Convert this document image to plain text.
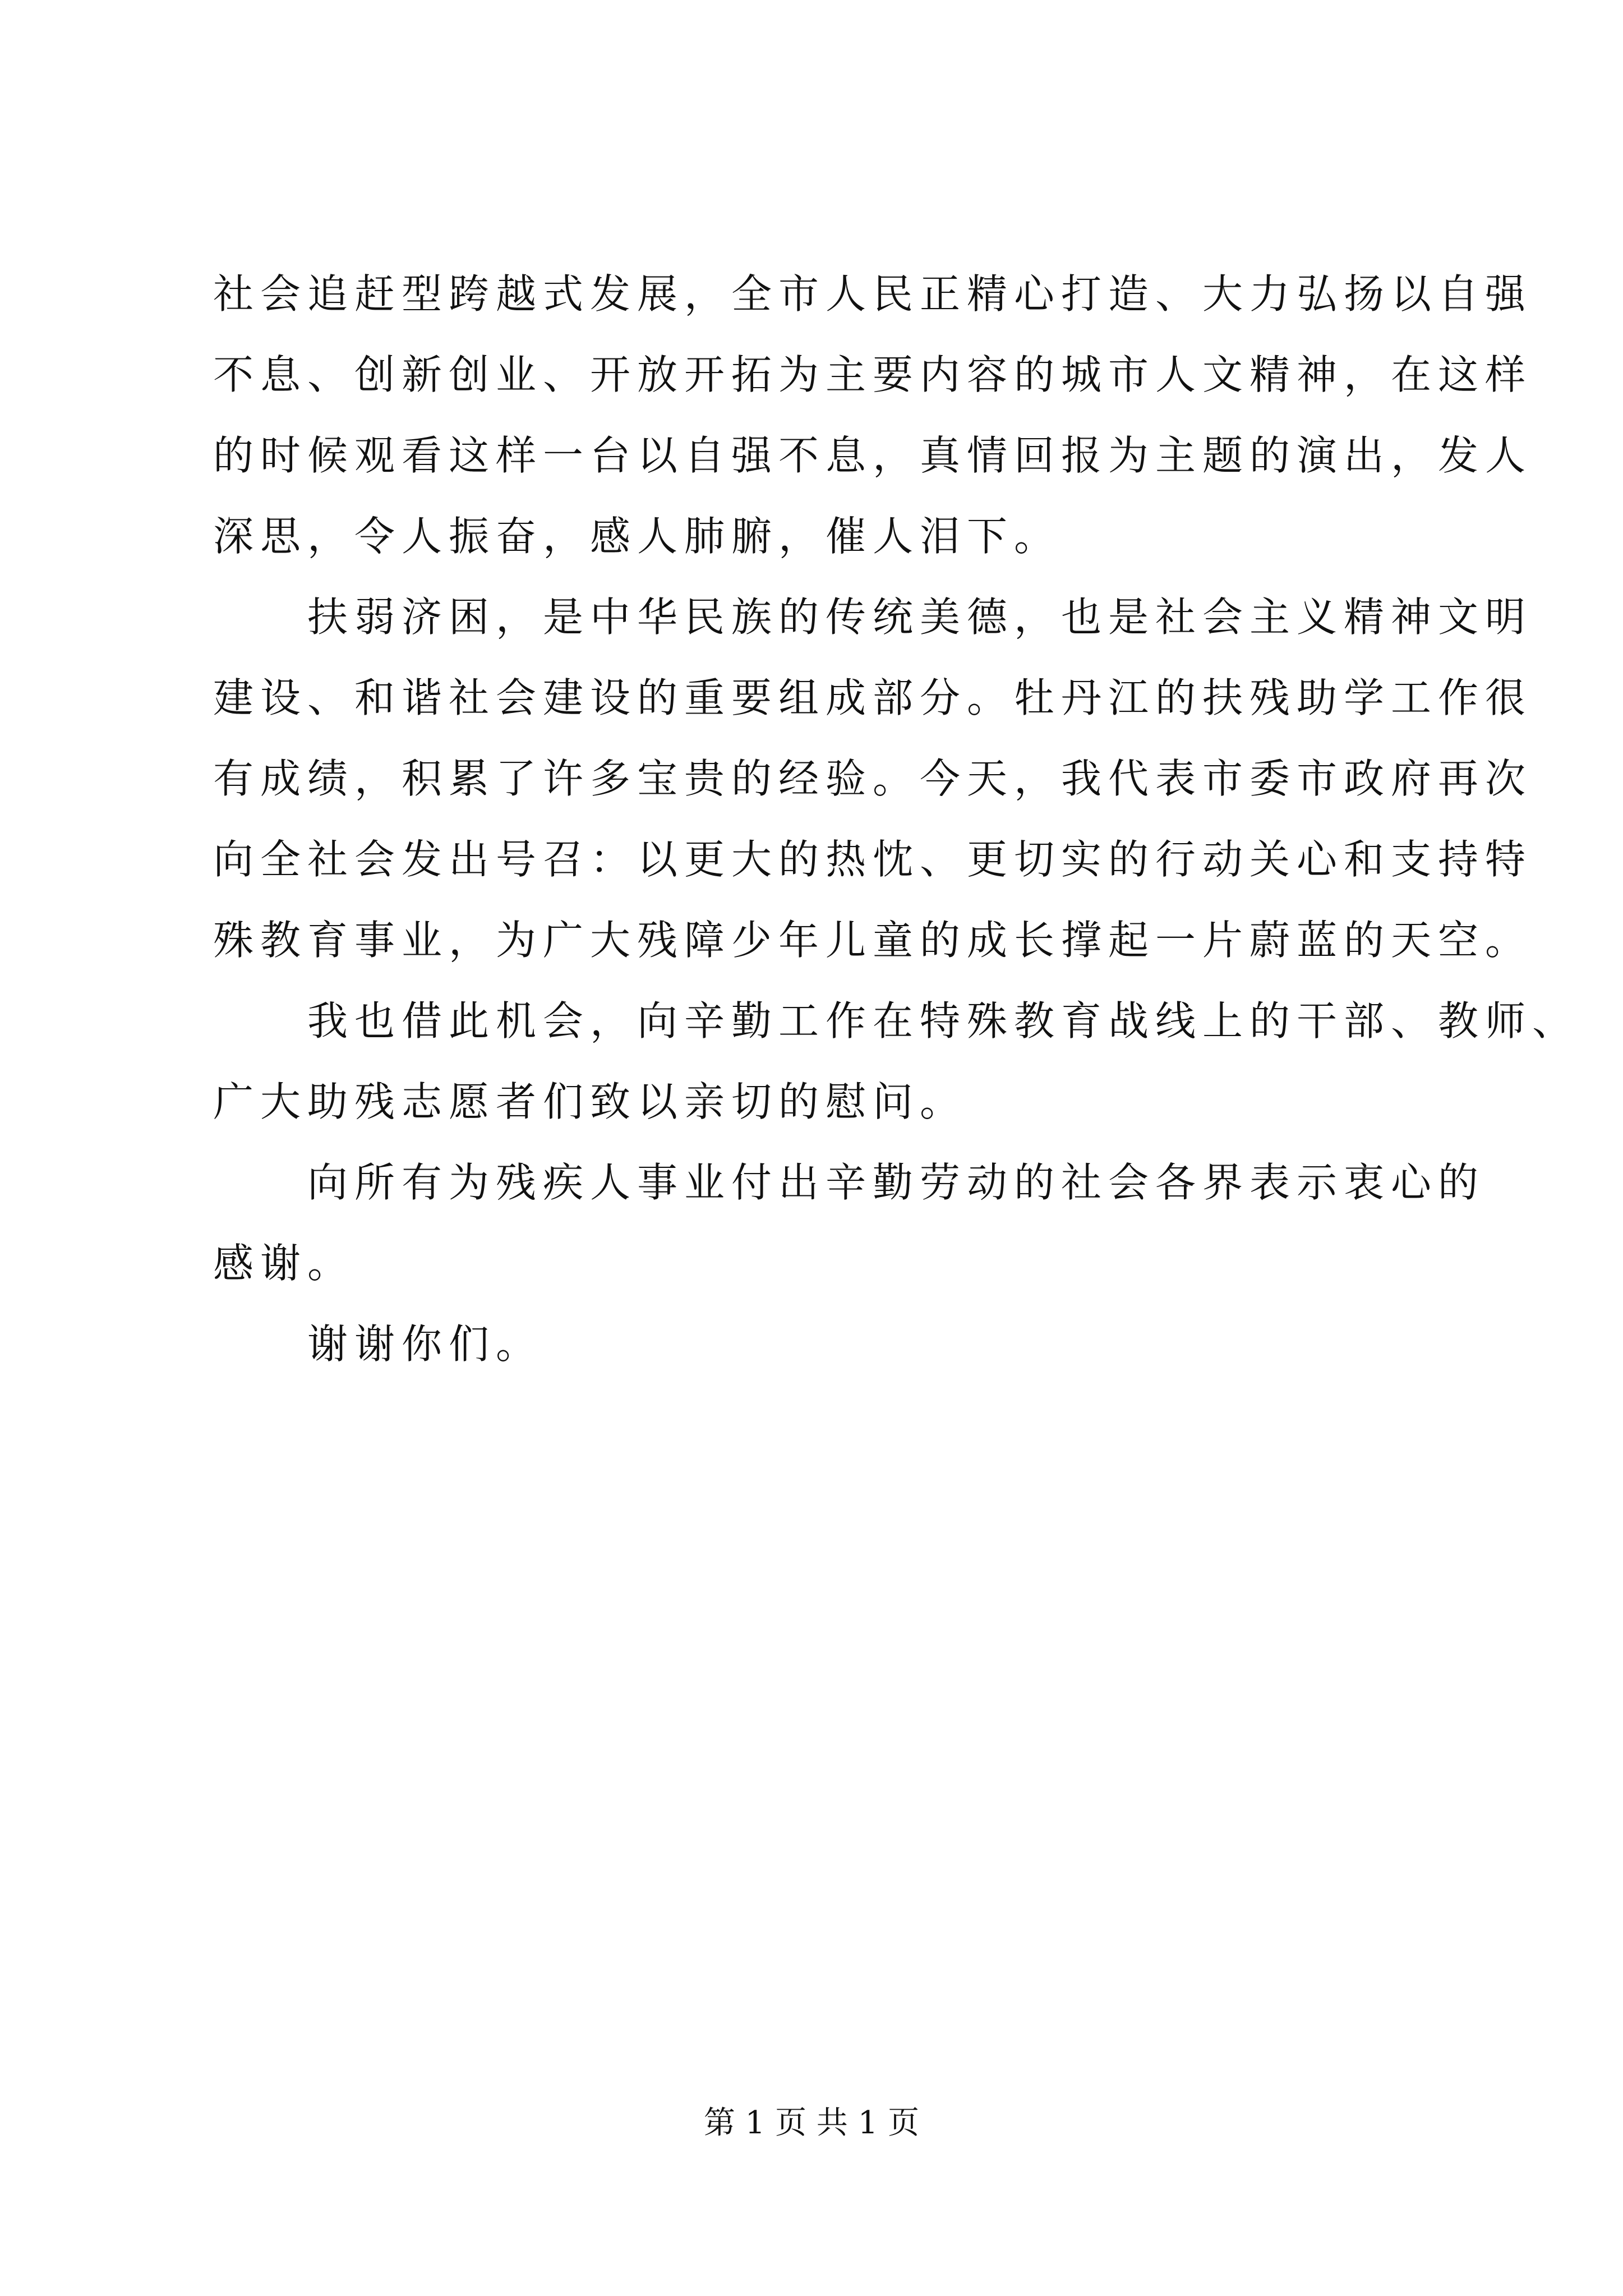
社会追赶型跨越式发展，全市人民正精心打造、大力弘扬以自强
不息、创新创业、开放开拓为主要内容的城市人文精神，在这样
的时候观看这样一台以自强不息，真情回报为主题的演出，发人
深思，令人振奋，感人肺腑，催人泪下。
扶弱济困，是中华民族的传统美德，也是社会主义精神文明
建设、和谐社会建设的重要组成部分。牡丹江的扶残助学工作很
有成绩，积累了许多宝贵的经验。今天，我代表市委市政府再次
向全社会发出号召：以更大的热忱、更切实的行动关心和支持特
殊教育事业，为广大残障少年儿童的成长撑起一片蔚蓝的天空。
我也借此机会，向辛勤工作在特殊教育战线上的干部、教师、
广大助残志愿者们致以亲切的慰问。
向所有为残疾人事业付出辛勤劳动的社会各界表示衷心的
感谢。
谢谢你们。
第 1 页 共 1 页
